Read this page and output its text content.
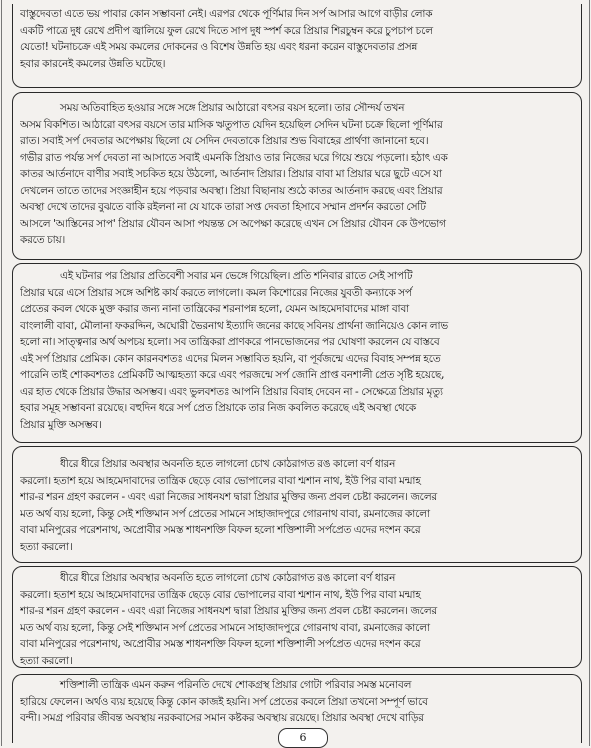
বাস্তুদেবতা এতে ভয় পাবার কোন সম্ভাবনা নেই। এরপর থেকে পূর্ণিমার দিন সর্প আসার আগে বাড়ীর লোক
একটি পাত্রে দুধ রেখে প্রদীপ জ্বালিয়ে ফুল রেখে দিতে সাপ দুধ স্পর্শ করে প্রিয়ার শিরচুম্বন করে চুপচাপ চলে
যেতো! ঘটনাচক্রে এই সময় কমলের দোকনের ও বিশেষ উন্নতি হয় এবং ধরনা করেন বাস্তুদেবতার প্রসন্ন
হবার কারনেই কমলের উন্নতি ঘটেছে।

সময় অতিবাহিত হওয়ার সঙ্গে সঙ্গে প্রিয়ার আঠারো বৎসর বয়স হলো। তার সৌন্দর্য তখন
অসম বিকশিত। আঠারো বৎসর বয়সে তার মাসিক ঋতুপাত যেদিন হয়েছিল সেদিন ঘটনা চক্রে ছিলো পূর্ণিমার
রাত। সবাই সর্প দেবতার অপেক্ষায় ছিলো যে সেদিন দেবতাকে প্রিয়ার শুভ বিবাহের প্রার্থণা জানানো হবে।
গভীর রাত পর্যন্ত সর্প দেবতা না আসাতে সবাই এমনকি প্রিয়াও তার নিজের ঘরে গিয়ে শুয়ে পড়লো। হঠাৎ এক
কাতর আর্তনাদে বাণীর সবাই সচকিত হয়ে উঠলো, আর্তনাদ প্রিয়ার। প্রিয়ার বাবা মা প্রিয়ার ঘরে ছুটে এসে যা
দেখলেন তাতে তাদের সংজ্ঞাহীন হয়ে পড়বার অবস্থা। প্রিয়া বিছানায় শুঠে কাতর আর্তনাদ করছে এবং প্রিয়ার
অবস্থা দেখে তাদের বুঝতে বাকি রইলনা না যে যাকে তারা সপ্ত দেবতা হিসাবে সম্মান প্রদর্শন করতো সেটি
আসলে 'আস্তিনের সাপ' প্রিয়ার যৌবন আসা পযন্তন্ত সে অপেক্ষা করেছে এখন সে প্রিয়ার যৌবন কে উপভোগ
করতে চায়।

এই ঘটনার পর প্রিয়ার প্রতিবেশী সবার মন ভেঙ্গে গিয়েছিল। প্রতি শনিবার রাতে সেই সাপটি
প্রিয়ার ঘরে এসে প্রিয়ার সঙ্গে অশিষ্ট কার্য করতে লাগলো। কমল কিশোরের নিজের যুবতী কন্যাকে সর্প
প্রেতের কবল থেকে মুক্ত করার জন্য নানা তান্ত্রিকের শরনাপন্ন হলো, যেমন আহমেদাবাদের মাঙ্গা বাবা
বাংলালী বাবা, মৌলানা ফকরদ্দিন, অঘোরী ভৈরনাথ ইত্যাদি জনের কাছে সবিনয় প্রার্থনা জানিয়েও কোন লাভ
হলো না। সাত্ত্বনার অর্থ অপচয় হলো। সব তান্ত্রিকরা প্রাণকরে পানভোজনের পর ঘোষণা করলেন যে বাস্তবে
এই সর্প প্রিয়ার প্রেমিক। কোন কারনবশতঃ এদের মিলন সম্ভাবিত হয়নি, বা পূর্বজন্মে এদের বিবাহ সম্পন্ন হতে
পারেনি তাই শোকবশতঃ প্রেমিকটি আত্মহত্যা করে এবং পরজন্মে সর্প জোনি প্রাপ্ত বনশালী প্রেত সৃষ্টি হয়েছে,
এর হাত থেকে প্রিয়ার উদ্ধার অসম্ভব। এবং ভুলবশতঃ আপনি প্রিয়ার বিবাহ দেবেন না - সেক্ষেত্রে প্রিয়ার মৃত্যু
হবার সমূহ সম্ভাবনা রয়েছে। বহুদিন ধরে সর্প প্রেত প্রিয়াকে তার নিজ কবলিত করেছে এই অবস্থা থেকে
প্রিয়ার মুক্তি অসম্ভব।

ধীরে ধীরে প্রিয়ার অবস্থার অবনতি হতে লাগলো চোখ কোঠরাগত রঙ কালো বর্ণ ধারন
করলো। হতাশ হয়ে আহমেদাবাদের তান্ত্রিক ছেড়ে বোর ভোপালের বাবা শ্মশান নাথ, ইউ পির বাবা মন্মাহ
শার-র শরন গ্রহণ করলেন - এবং এরা নিজের সাধনযশ দ্বারা প্রিয়ার মুক্তির জন্য প্রবল চেষ্টা করলেন। জলের
মত অর্থ ব্যয় হলো, কিন্তু সেই শক্তিমান সর্প প্রেতের সামনে সাহাজাদপুরে গোরনাথ বাবা, রমনাজের কালো
বাবা মনিপুরের পরেশনাথ, অপ্রোবীর সমস্ত শাধনশক্তি বিফল হলো শক্তিশালী সর্পপ্রেত এদের দংশন করে
হত্যা করলো।

ধীরে ধীরে প্রিয়ার অবস্থার অবনতি হতে লাগলো চোখ কোঠরাগত রঙ কালো বর্ণ ধারন
করলো। হতাশ হয়ে আহমেদাবাদের তান্ত্রিক ছেড়ে বোর ভোপালের বাবা শ্মশান নাথ, ইউ পির বাবা মন্মাহ
শার-র শরন গ্রহণ করলেন - এবং এরা নিজের সাধনযশ দ্বারা প্রিয়ার মুক্তির জন্য প্রবল চেষ্টা করলেন। জলের
মত অর্থ ব্যয় হলো, কিন্তু সেই শক্তিমান সর্প প্রেতের সামনে সাহাজাদপুরে গোরনাথ বাবা, রমনাজের কালো
বাবা মনিপুরের পরেশনাথ, অপ্রোবীর সমস্ত শাধনশক্তি বিফল হলো শক্তিশালী সর্পপ্রেত এদের দংশন করে
হত্যা করলো।

শক্তিশালী তান্ত্রিক এমন করুন পরিনতি দেখে শোকগ্রস্থ প্রিয়ার গোটা পরিবার সমস্ত মনোবল
হারিয়ে ফেলেন। অর্থও ব্যয় হয়েছে কিন্তু কোন কাজই হয়নি। সর্প প্রেতের কবলে প্রিয়া তখনো সম্পূর্ণ ভাবে
বন্দী। সমগ্র পরিবার জীবন্ত অবস্থায় নরকবাসের সমান কষ্টকর অবস্থায় রয়েছে। প্রিয়ার অবস্থা দেখে বাড়ির

6
